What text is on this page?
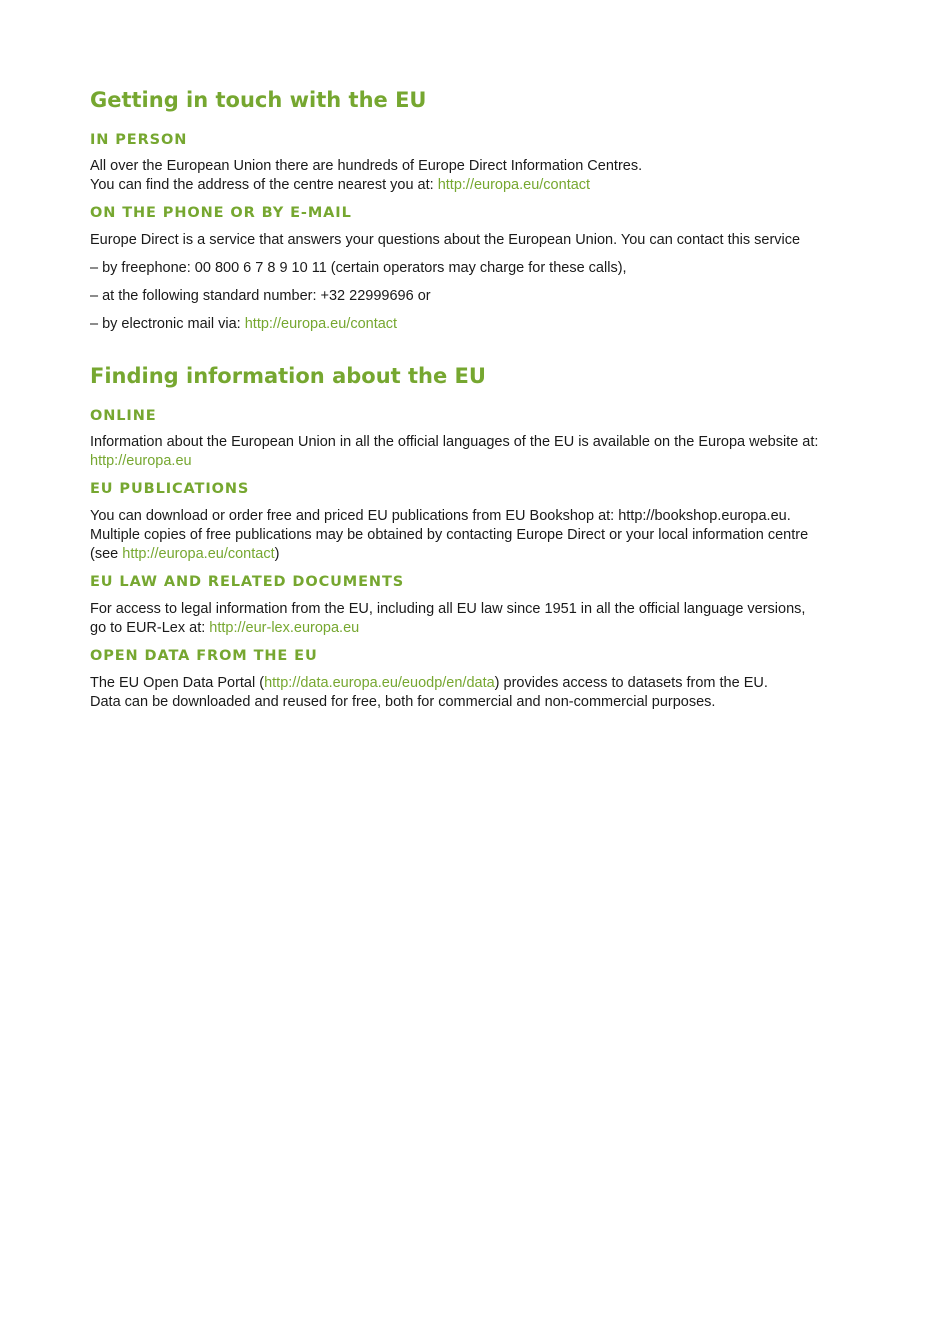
Getting in touch with the EU
IN PERSON

All over the European Union there are hundreds of Europe Direct Information Centres.
You can find the address of the centre nearest you at: http://europa.eu/contact

ON THE PHONE OR BY E-MAIL

Europe Direct is a service that answers your questions about the European Union. You can contact this service

– by freephone: 00 800 6 7 8 9 10 11 (certain operators may charge for these calls),

– at the following standard number: +32 22999696 or

– by electronic mail via: http://europa.eu/contact

Finding information about the EU
ONLINE

Information about the European Union in all the official languages of the EU is available on the Europa website at:
http://europa.eu

EU PUBLICATIONS

You can download or order free and priced EU publications from EU Bookshop at: http://bookshop.europa.eu.
Multiple copies of free publications may be obtained by contacting Europe Direct or your local information centre
(see http://europa.eu/contact)

EU LAW AND RELATED DOCUMENTS

For access to legal information from the EU, including all EU law since 1951 in all the official language versions,
go to EUR-Lex at: http://eur-lex.europa.eu

OPEN DATA FROM THE EU

The EU Open Data Portal (http://data.europa.eu/euodp/en/data) provides access to datasets from the EU.
Data can be downloaded and reused for free, both for commercial and non-commercial purposes.
